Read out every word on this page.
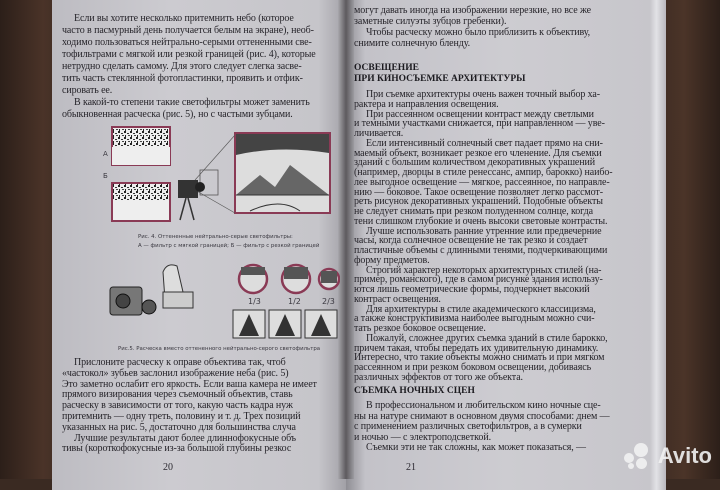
Если вы хотите несколько притемнить небо (которое
часто в пасмурный день получается белым на экране), необ-
ходимо пользоваться нейтрально-серыми оттененными све-
тофильтрами с мягкой или резкой границей (рис. 4), которые
нетрудно сделать самому. Для этого следует слегка засве-
тить часть стеклянной фотопластинки, проявить и отфик-
сировать ее.
В какой-то степени такие светофильтры может заменить
обыкновенная расческа (рис. 5), но с частыми зубцами.
А
Б
Рис. 4. Оттененные нейтрально-серые светофильтры:
А — фильтр с мягкой границей; Б — фильтр с резкой границей
1/3	1/2	2/3
Рис.5. Расческа вместо оттененного нейтрально-серого светофильтра
Прислоните расческу к оправе объектива так, чтоб
«частокол» зубьев заслонил изображение неба (рис. 5)
Это заметно ослабит его яркость. Если ваша камера не имеет
прямого визирования через съемочный объектив, ставь
расческу в зависимости от того, какую часть кадра нуж
притемнить — одну треть, половину и т. д. Трех позиций
указанных на рис. 5, достаточно для большинства случа
Лучшие результаты дают более длиннофокусные объ
тивы (короткофокусные из-за большой глубины резкос
20
могут давать иногда на изображении нерезкие, но все же
заметные силуэты зубцов гребенки).
Чтобы расческу можно было приблизить к объективу,
снимите солнечную бленду.
ОСВЕЩЕНИЕ
ПРИ КИНОСЪЕМКЕ АРХИТЕКТУРЫ
При съемке архитектуры очень важен точный выбор ха-
рактера и направления освещения.
При рассеянном освещении контраст между светлыми
и темными участками снижается, при направленном — уве-
личивается.
Если интенсивный солнечный свет падает прямо на сни-
маемый объект, возникает резкое его членение. Для съемки
зданий с большим количеством декоративных украшений
(например, дворцы в стиле ренессанс, ампир, барокко) наибо-
лее выгодное освещение — мягкое, рассеянное, по направле-
нию — боковое. Такое освещение позволяет легко рассмот-
реть рисунок декоративных украшений. Подобные объекты
не следует снимать при резком полуденном солнце, когда
тени слишком глубокие и очень высоки световые контрасты.
Лучше использовать ранние утренние или предвечерние
часы, когда солнечное освещение не так резко и создает
пластичные объемы с длинными тенями, подчеркивающими
форму предметов.
Строгий характер некоторых архитектурных стилей (на-
пример, романского), где в самом рисунке здания использу-
ются лишь геометрические формы, подчеркнет высокий
контраст освещения.
Для архитектуры в стиле академического классицизма,
а также конструктивизма наиболее выгодным можно счи-
тать резкое боковое освещение.
Пожалуй, сложнее других съемка зданий в стиле барокко,
причем такая, чтобы передать их удивительную динамику.
Интересно, что такие объекты можно снимать и при мягком
рассеянном и при резком боковом освещении, добиваясь
различных эффектов от того же объекта.
СЪЕМКА НОЧНЫХ СЦЕН
В профессиональном и любительском кино ночные сце-
ны на натуре снимают в основном двумя способами: днем —
с применением различных светофильтров, а в сумерки
и ночью — с электроподсветкой.
Съемки эти не так сложны, как может показаться, —
21	Avito
